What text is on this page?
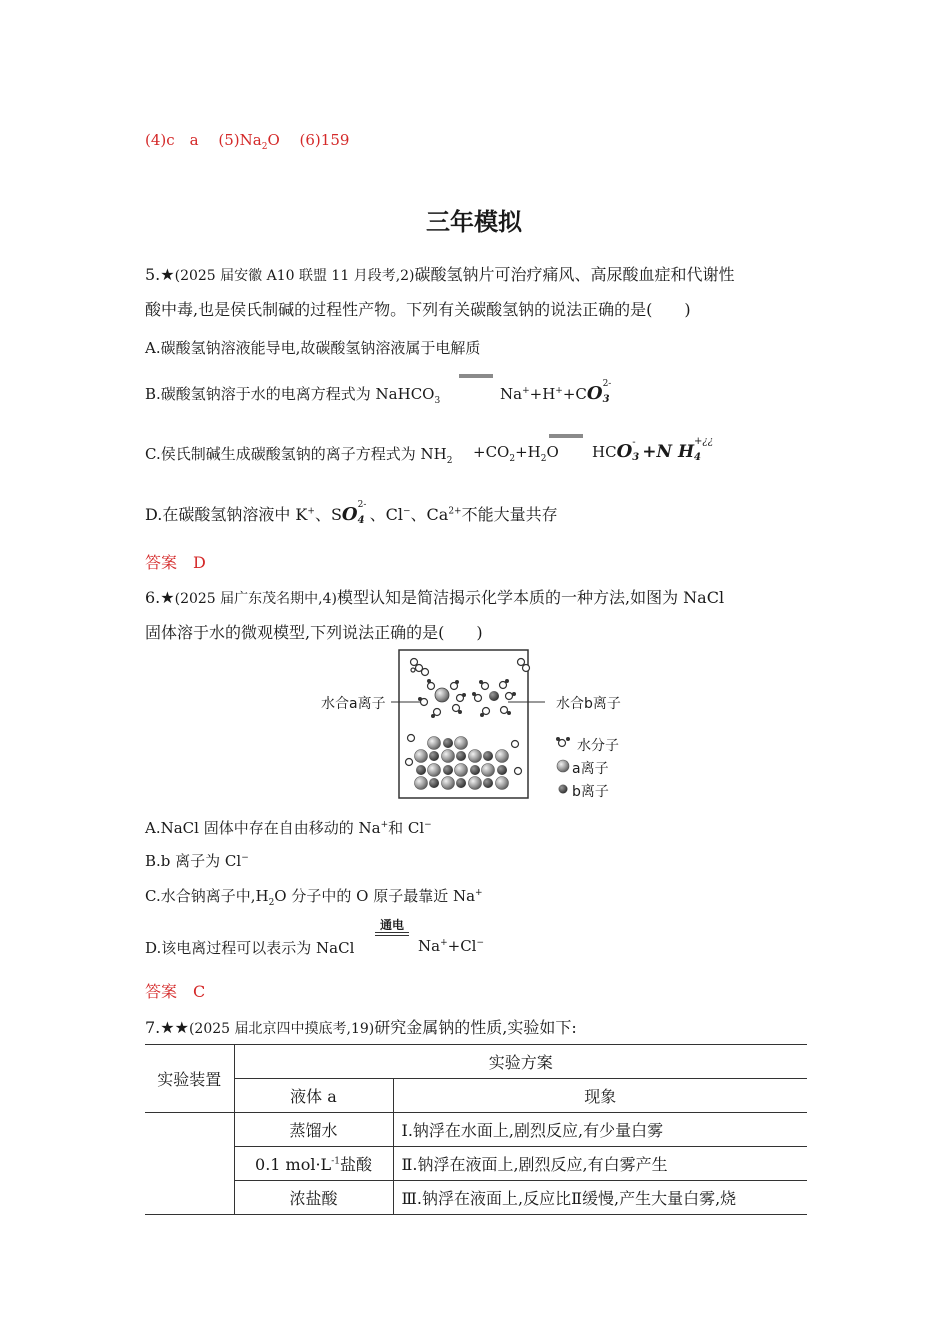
(4)c　a　 $(5)Na_2O$　 (6)159
三年模拟
5.★(2025 届安徽 A10 联盟 11 月段考,2)碳酸氢钠片可治疗痛风、高尿酸血症和代谢性
酸中毒,也是侯氏制碱的过程性产物。下列有关碳酸氢钠的说法正确的是(　　)
A.碳酸氢钠溶液能导电,故碳酸氢钠溶液属于电解质
B.碳酸氢钠溶于水的电离方程式为 NaHCO$_3$	Na++H++CO 2-
3
C.侯氏制碱生成碳酸氢钠的离子方程式为 $NH_2 +CO_2+H_2O$ HCO -
3 +N H
+¿¿
4
D.在碳酸氢钠溶液中 K+、SO 2-
4 、Cl−、$Ca^{2+}$不能大量共存
答案　 D
6.★(2025 届广东茂名期中,4)模型认知是简洁揭示化学本质的一种方法,如图为 NaCl
固体溶于水的微观模型,下列说法正确的是(　　)
水合a离子	水合b离子
水分子
a离子
b离子
A.NaCl 固体中存在自由移动的 Na+和 Cl−
B.b 离子为 Cl−
C.水合钠离子中$,H_2O$ 分子中的 O 原子最靠近 Na+
D.该电离过程可以表示为 NaCl
通电
Na++Cl−
答案　 C
7.★★(2025 届北京四中摸底考,19)研究金属钠的性质,实验如下:
实验装置	实验方案	
	液体 a	现象
	蒸馏水	Ⅰ.钠浮在水面上,剧烈反应,有少量白雾
	0.1 $mol\cdot L^{-1}$盐酸	Ⅱ.钠浮在液面上,剧烈反应,有白雾产生
	浓盐酸	Ⅲ.钠浮在液面上,反应比Ⅱ缓慢,产生大量白雾,烧
